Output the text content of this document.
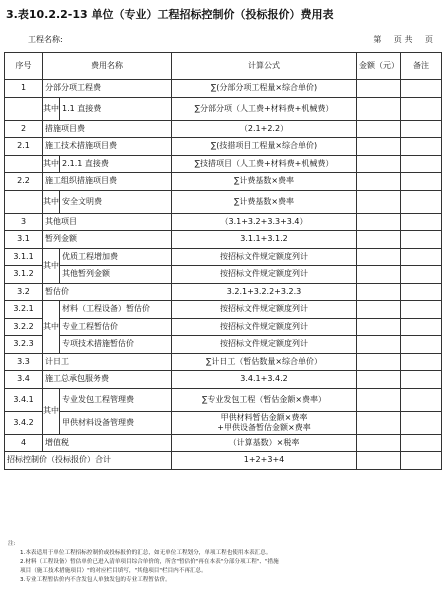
3.表10.2.2-13 单位（专业）工程招标控制价（投标报价）费用表
工程名称:	第 页 共 页
序号	费用名称		计算公式	金额（元）	备注
1	分部分项工程费		∑(分部分项工程量×综合单价)		
	其中	1.1 直接费	∑分部分项（人工费+材料费+机械费）		
2	措施项目费		（2.1+2.2）		
2.1	施工技术措施项目费		∑(技措项目工程量×综合单价)		
	其中	2.1.1 直接费	∑技措项目（人工费+材料费+机械费）		
2.2	施工组织措施项目费		∑计费基数×费率		
	其中	安全文明费	∑计费基数×费率		
3	其他项目		（3.1+3.2+3.3+3.4）		
3.1	暂列金额		3.1.1+3.1.2		
3.1.1	其中	优质工程增加费	按招标文件规定额度列计		
3.1.2		其他暂列金额	按招标文件规定额度列计		
3.2	暂估价		3.2.1+3.2.2+3.2.3		
3.2.1	其中	材料（工程设备）暂估价	按招标文件规定额度列计		
3.2.2		专业工程暂估价	按招标文件规定额度列计		
3.2.3		专项技术措施暂估价	按招标文件规定额度列计		
3.3	计日工		∑计日工（暂估数量×综合单价）		
3.4	施工总承包服务费		3.4.1+3.4.2		
3.4.1	其中	专业发包工程管理费	∑专业发包工程（暂估金额×费率）		
3.4.2		甲供材料设备管理费	甲供材料暂估金额×费率
+甲供设备暂估金额×费率		

4	增值税		（计算基数）×税率		
招标控制价（投标报价）合计			1+2+3+4		
注:
1.本表适用于单位工程招标控制价或投标报价的汇总，如无单位工程划分，单项工程也使用本表汇总。
2.材料（工程设备）暂估单价已进入清单项目综合单价的，所含"暂估价"再在本表"分部分项工程"、"措施
项目（施工技术措施项目）"的对应栏目填写，"其他项目"栏目内不再汇总。
3.专业工程暂估价内不含发包人单独发包的专业工程暂估价。
